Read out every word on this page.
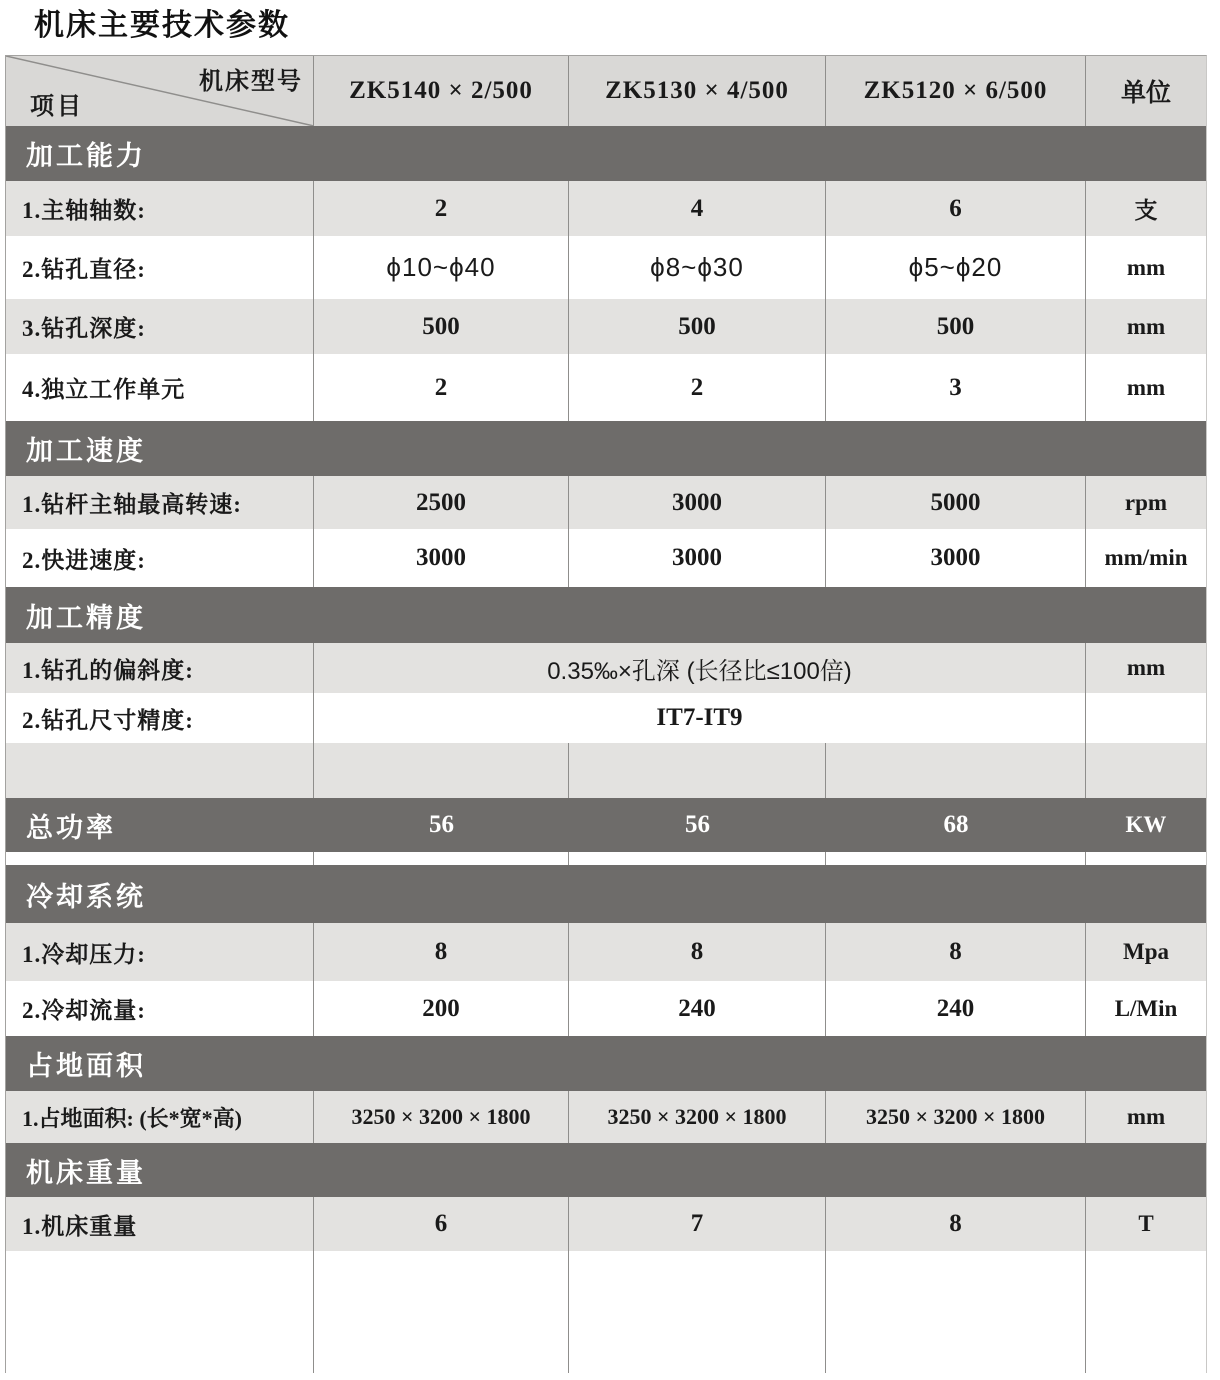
机床主要技术参数
机床型号
项目
ZK5140 × 2/500	ZK5130 × 4/500	ZK5120 × 6/500	单位
加工能力
1.主轴轴数:	2	4	6	支
2.钻孔直径:	ϕ10~ϕ40	ϕ8~ϕ30	ϕ5~ϕ20	mm
3.钻孔深度:	500	500	500	mm
4.独立工作单元	2	2	3	mm
加工速度
1.钻杆主轴最高转速:	2500	3000	5000	rpm
2.快进速度:	3000	3000	3000	mm/min
加工精度
1.钻孔的偏斜度:	0.35‰×孔深 (长径比≤100倍)	mm
2.钻孔尺寸精度:	IT7-IT9
总功率	56	56	68	KW
冷却系统
1.冷却压力:	8	8	8	Mpa
2.冷却流量:	200	240	240	L/Min
占地面积
1.占地面积: (长*宽*高)	3250 × 3200 × 1800	3250 × 3200 × 1800	3250 × 3200 × 1800	mm
机床重量
1.机床重量	6	7	8	T
